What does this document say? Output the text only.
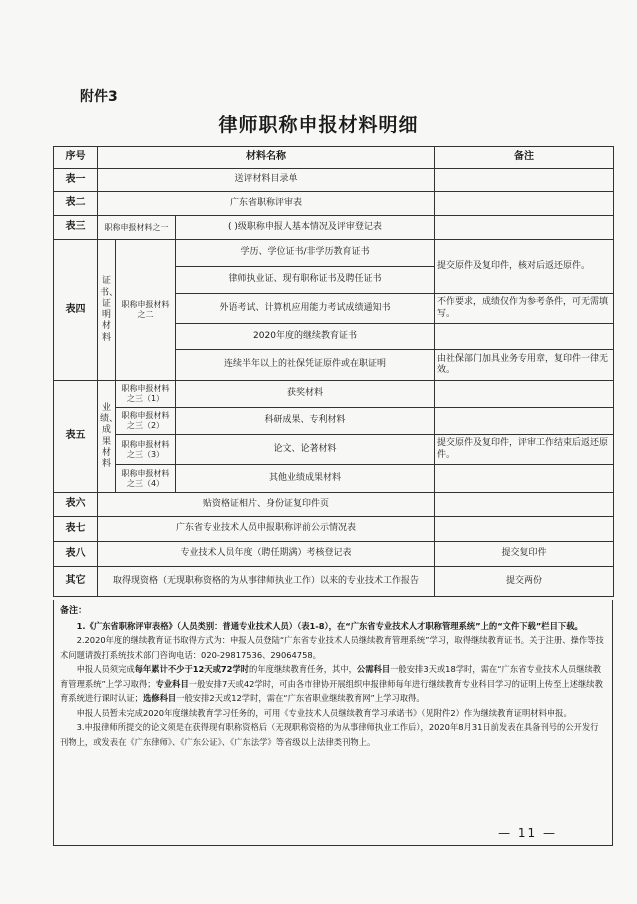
附件3
律师职称申报材料明细
序号	材料名称			备注
表一	送评材料目录单			
表二	广东省职称评审表			
表三	职称申报材料之一		( )级职称申报人基本情况及评审登记表	
表四	证书、证明材料	职称申报材料之二	学历、学位证书/非学历教育证书	提交原件及复印件，核对后返还原件。
			律师执业证、现有职称证书及聘任证书	
			外语考试、计算机应用能力考试成绩通知书	不作要求，成绩仅作为参考条件，可无需填写。
			2020年度的继续教育证书	
			连续半年以上的社保凭证原件或在职证明	由社保部门加具业务专用章，复印件一律无效。
表五	业绩、成果材料	职称申报材料之三（1）	获奖材料	
		职称申报材料之三（2）	科研成果、专利材料	
		职称申报材料之三（3）	论文、论著材料	提交原件及复印件，评审工作结束后返还原件。
		职称申报材料之三（4）	其他业绩成果材料	
表六	贴资格证相片、身份证复印件页			
表七	广东省专业技术人员申报职称评前公示情况表			
表八	专业技术人员年度（聘任期满）考核登记表			提交复印件
其它	取得现资格（无现职称资格的为从事律师执业工作）以来的专业技术工作报告			提交两份

备注：

1.《广东省职称评审表格》（人员类别：普通专业技术人员）（表1-8），在“广东省专业技术人才职称管理系统”上的“文件下载”栏目下载。

2.2020年度的继续教育证书取得方式为：申报人员登陆“广东省专业技术人员继续教育管理系统”学习，取得继续教育证书。关于注册、操作等技术问题请拨打系统技术部门咨询电话：020-29817536、29064758。

申报人员须完成每年累计不少于12天或72学时的年度继续教育任务，其中，公需科目一般安排3天或18学时，需在“广东省专业技术人员继续教育管理系统”上学习取得；专业科目一般安排7天或42学时，可由各市律协开展组织申报律师每年进行继续教育专业科目学习的证明上传至上述继续教育系统进行课时认证；选修科目一般安排2天或12学时，需在“广东省职业继续教育网”上学习取得。

申报人员暂未完成2020年度继续教育学习任务的，可用《专业技术人员继续教育学习承诺书》（见附件2）作为继续教育证明材料申报。

3.申报律师所提交的论文须是在获得现有职称资格后（无现职称资格的为从事律师执业工作后），2020年8月31日前发表在具备刊号的公开发行刊物上，或发表在《广东律师》、《广东公证》、《广东法学》等省级以上法律类刊物上。

— 11 —
